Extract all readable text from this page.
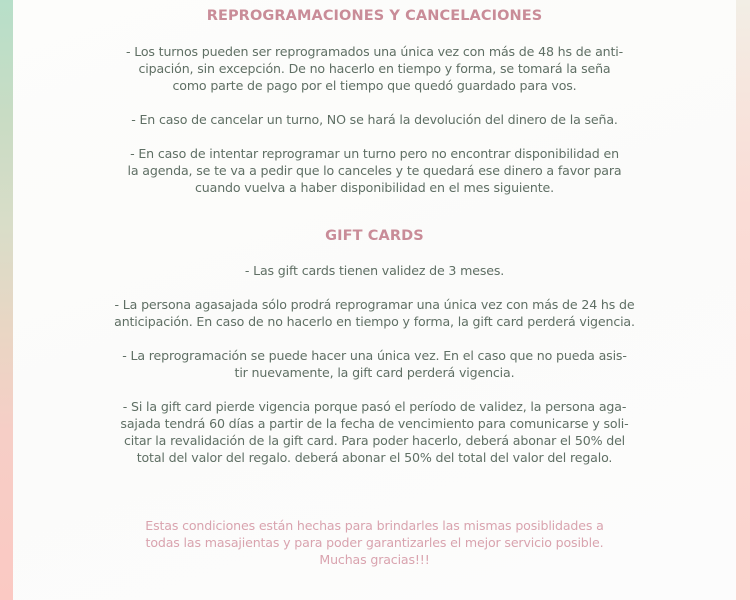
REPROGRAMACIONES Y CANCELACIONES

- Los turnos pueden ser reprogramados una única vez con más de 48 hs de anti-
cipación, sin excepción. De no hacerlo en tiempo y forma, se tomará la seña
como parte de pago por el tiempo que quedó guardado para vos.

- En caso de cancelar un turno, NO se hará la devolución del dinero de la seña.

- En caso de intentar reprogramar un turno pero no encontrar disponibilidad en
la agenda, se te va a pedir que lo canceles y te quedará ese dinero a favor para
cuando vuelva a haber disponibilidad en el mes siguiente.

GIFT CARDS

- Las gift cards tienen validez de 3 meses.

- La persona agasajada sólo prodrá reprogramar una única vez con más de 24 hs de
anticipación. En caso de no hacerlo en tiempo y forma, la gift card perderá vigencia.

- La reprogramación se puede hacer una única vez. En el caso que no pueda asis-
tir nuevamente, la gift card perderá vigencia.

- Si la gift card pierde vigencia porque pasó el período de validez, la persona aga-
sajada tendrá 60 días a partir de la fecha de vencimiento para comunicarse y soli-
citar la revalidación de la gift card. Para poder hacerlo, deberá abonar el 50% del
total del valor del regalo. deberá abonar el 50% del total del valor del regalo.

Estas condiciones están hechas para brindarles las mismas posiblidades a
todas las masajientas y para poder garantizarles el mejor servicio posible.
Muchas gracias!!!
